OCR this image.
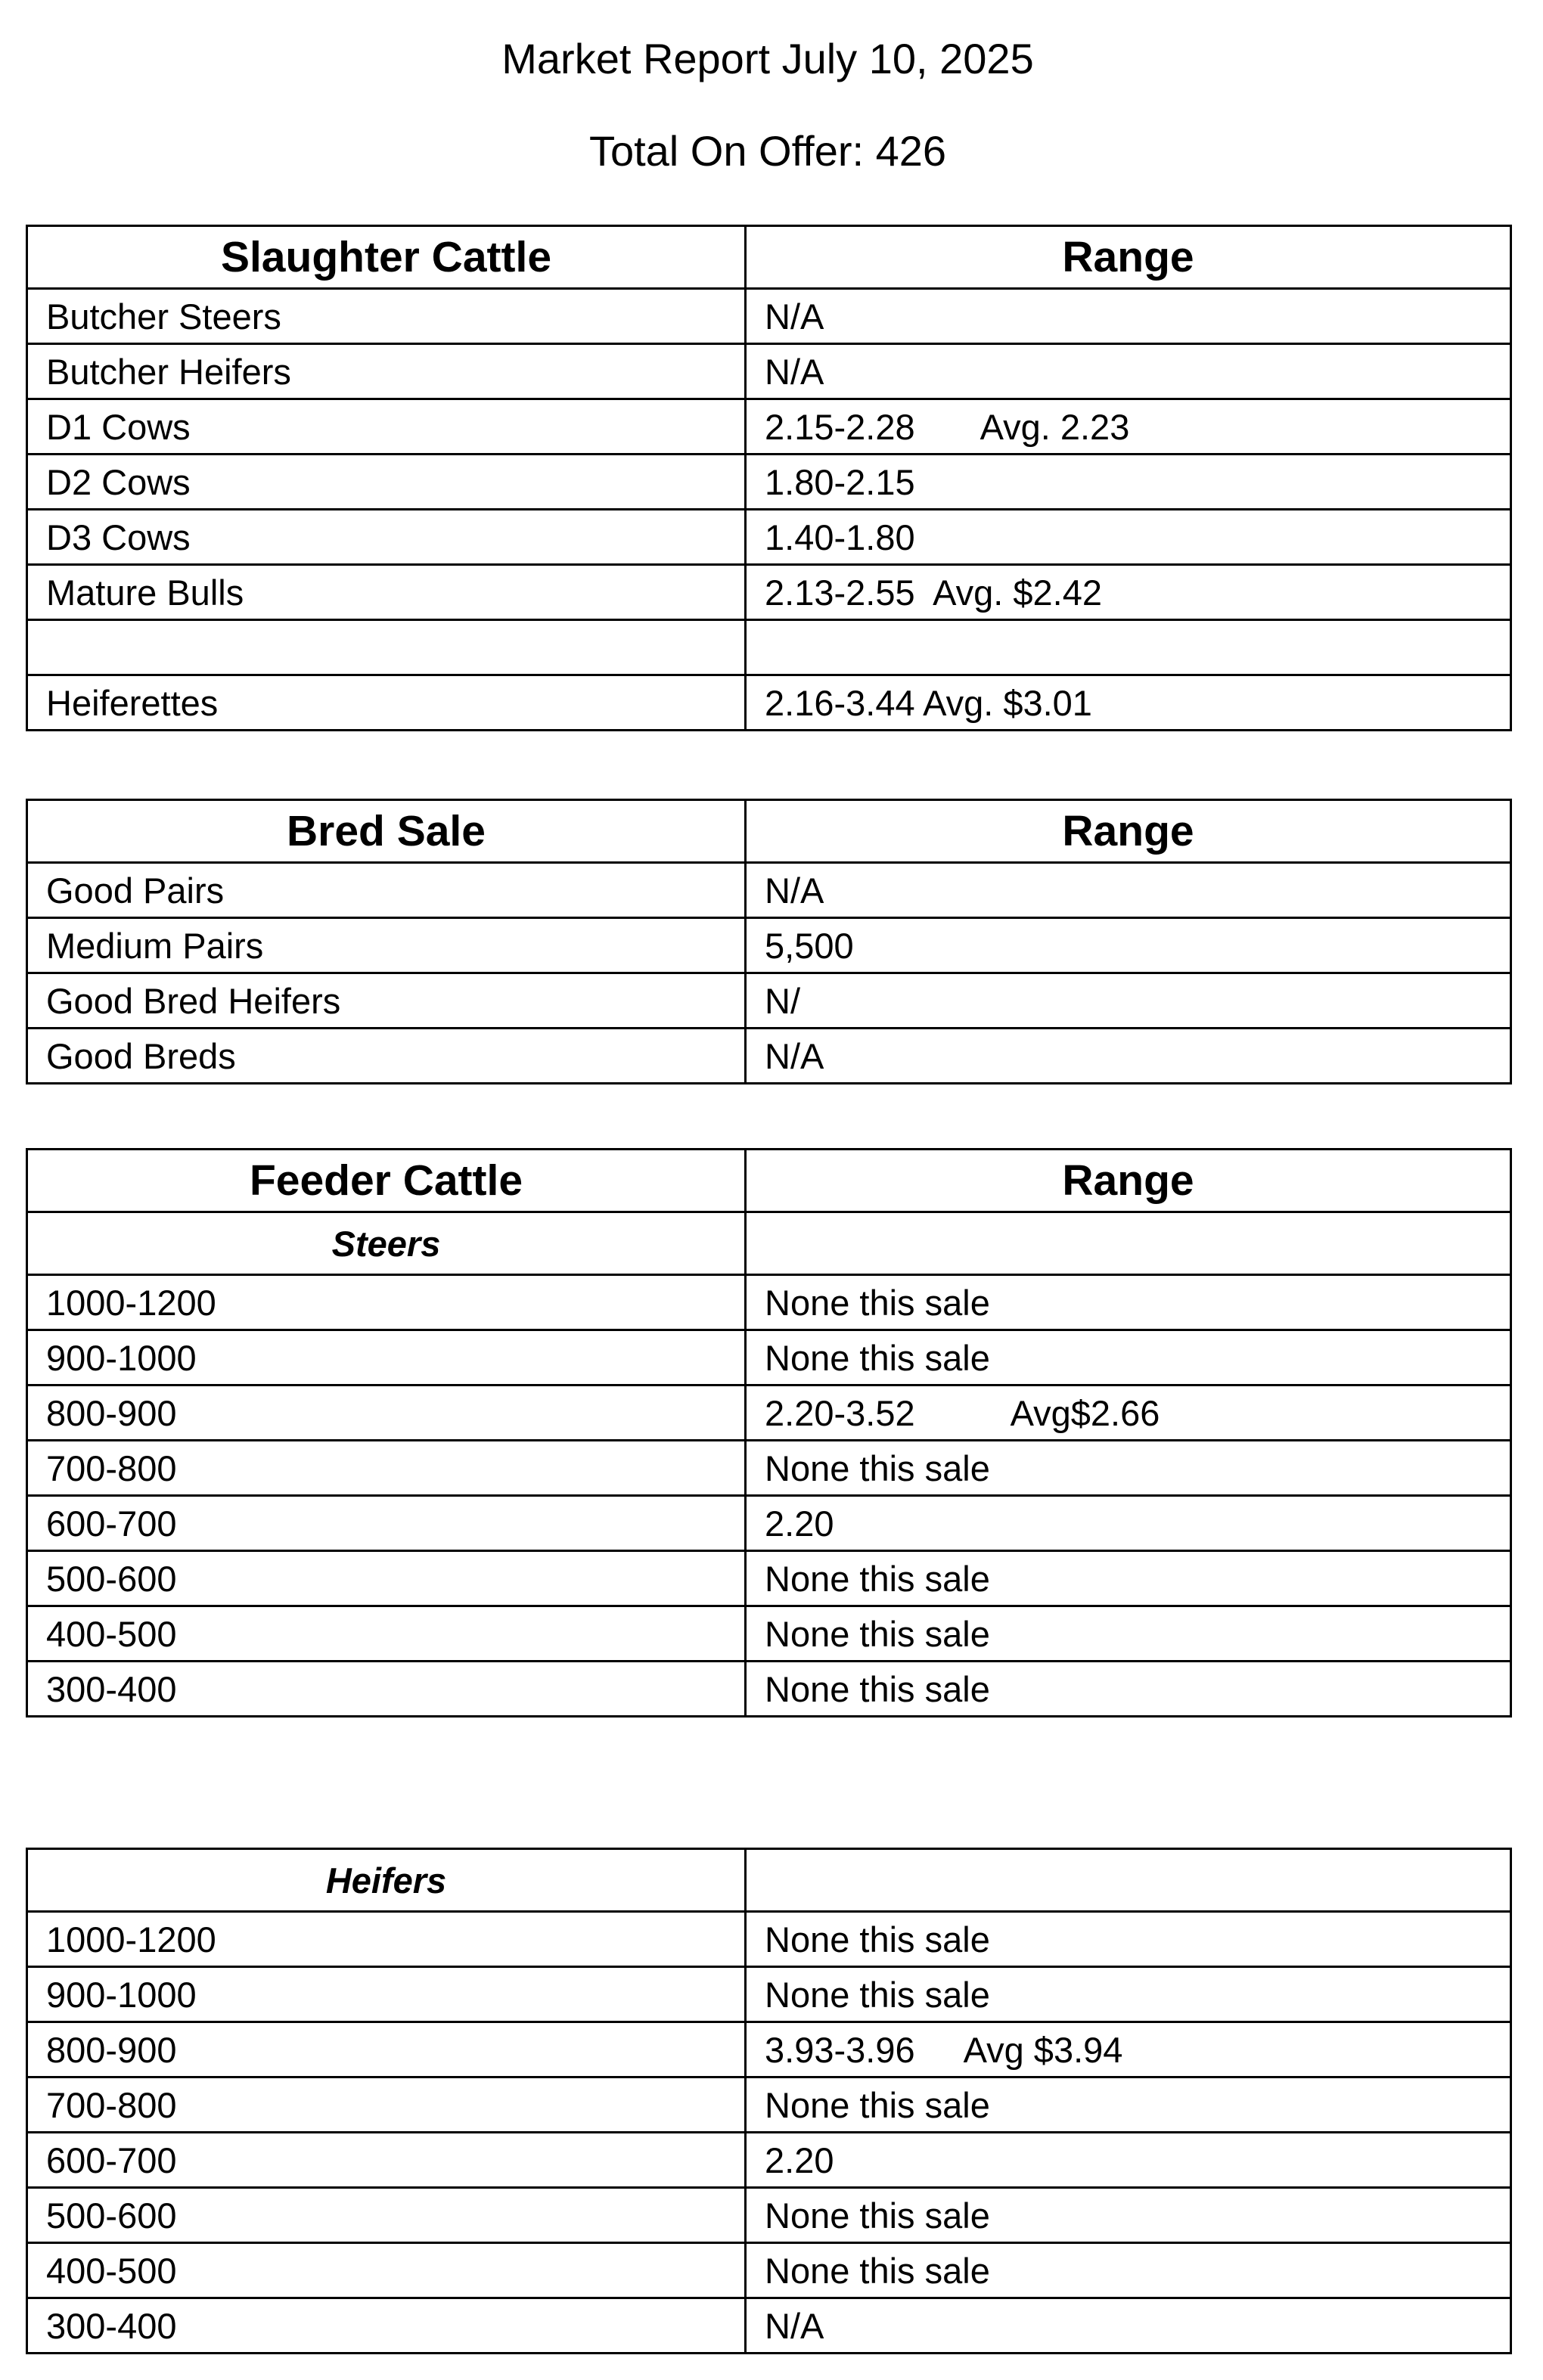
Market Report July 10, 2025
Total On Offer: 426
Slaughter Cattle	Range
Butcher Steers	N/A
Butcher Heifers	N/A
D1 Cows	2.15-2.28 Avg. 2.23
D2 Cows	1.80-2.15
D3 Cows	1.40-1.80
Mature Bulls	2.13-2.55  Avg. $2.42

Heiferettes	2.16-3.44 Avg. $3.01
Bred Sale	Range
Good Pairs	N/A
Medium Pairs	5,500
Good Bred Heifers	N/
Good Breds	N/A
Feeder Cattle	Range
Steers	
1000-1200	None this sale
900-1000	None this sale
800-900	2.20-3.52 Avg$2.66
700-800	None this sale
600-700	2.20
500-600	None this sale
400-500	None this sale
300-400	None this sale
Heifers	
1000-1200	None this sale
900-1000	None this sale
800-900	3.93-3.96 Avg $3.94
700-800	None this sale
600-700	2.20
500-600	None this sale
400-500	None this sale
300-400	N/A
